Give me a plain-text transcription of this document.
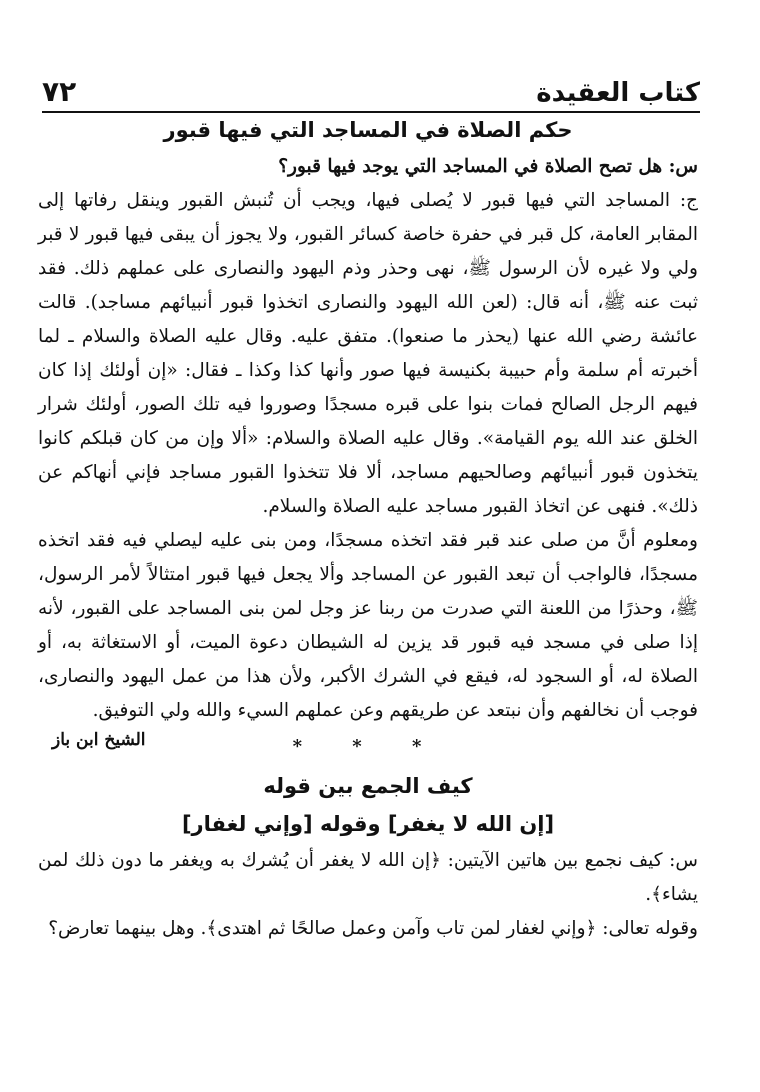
٧٢	كتاب العقيدة
حكم الصلاة في المساجد التي فيها قبور

س: هل تصح الصلاة في المساجد التي يوجد فيها قبور؟

ج: المساجد التي فيها قبور لا يُصلى فيها، ويجب أن تُنبش القبور وينقل رفاتها إلى المقابر العامة، كل قبر في حفرة خاصة كسائر القبور، ولا يجوز أن يبقى فيها قبور لا قبر ولي ولا غيره لأن الرسول ﷺ، نهى وحذر وذم اليهود والنصارى على عملهم ذلك. فقد ثبت عنه ﷺ، أنه قال: (لعن الله اليهود والنصارى اتخذوا قبور أنبيائهم مساجد). قالت عائشة رضي الله عنها (يحذر ما صنعوا). متفق عليه. وقال عليه الصلاة والسلام ـ لما أخبرته أم سلمة وأم حبيبة بكنيسة فيها صور وأنها كذا وكذا ـ فقال: «إن أولئك إذا كان فيهم الرجل الصالح فمات بنوا على قبره مسجدًا وصوروا فيه تلك الصور، أولئك شرار الخلق عند الله يوم القيامة». وقال عليه الصلاة والسلام: «ألا وإن من كان قبلكم كانوا يتخذون قبور أنبيائهم وصالحيهم مساجد، ألا فلا تتخذوا القبور مساجد فإني أنهاكم عن ذلك». فنهى عن اتخاذ القبور مساجد عليه الصلاة والسلام.

ومعلوم أنَّ من صلى عند قبر فقد اتخذه مسجدًا، ومن بنى عليه ليصلي فيه فقد اتخذه مسجدًا، فالواجب أن تبعد القبور عن المساجد وألا يجعل فيها قبور امتثالاً لأمر الرسول، ﷺ، وحذرًا من اللعنة التي صدرت من ربنا عز وجل لمن بنى المساجد على القبور، لأنه إذا صلى في مسجد فيه قبور قد يزين له الشيطان دعوة الميت، أو الاستغاثة به، أو الصلاة له، أو السجود له، فيقع في الشرك الأكبر، ولأن هذا من عمل اليهود والنصارى، فوجب أن نخالفهم وأن نبتعد عن طريقهم وعن عملهم السيء والله ولي التوفيق.

الشيخ ابن باز	* * *
كيف الجمع بين قوله
[إن الله لا يغفر] وقوله [وإني لغفار]

س: كيف نجمع بين هاتين الآيتين: ﴿إن الله لا يغفر أن يُشرك به ويغفر ما دون ذلك لمن يشاء﴾.

وقوله تعالى: ﴿وإني لغفار لمن تاب وآمن وعمل صالحًا ثم اهتدى﴾. وهل بينهما تعارض؟
